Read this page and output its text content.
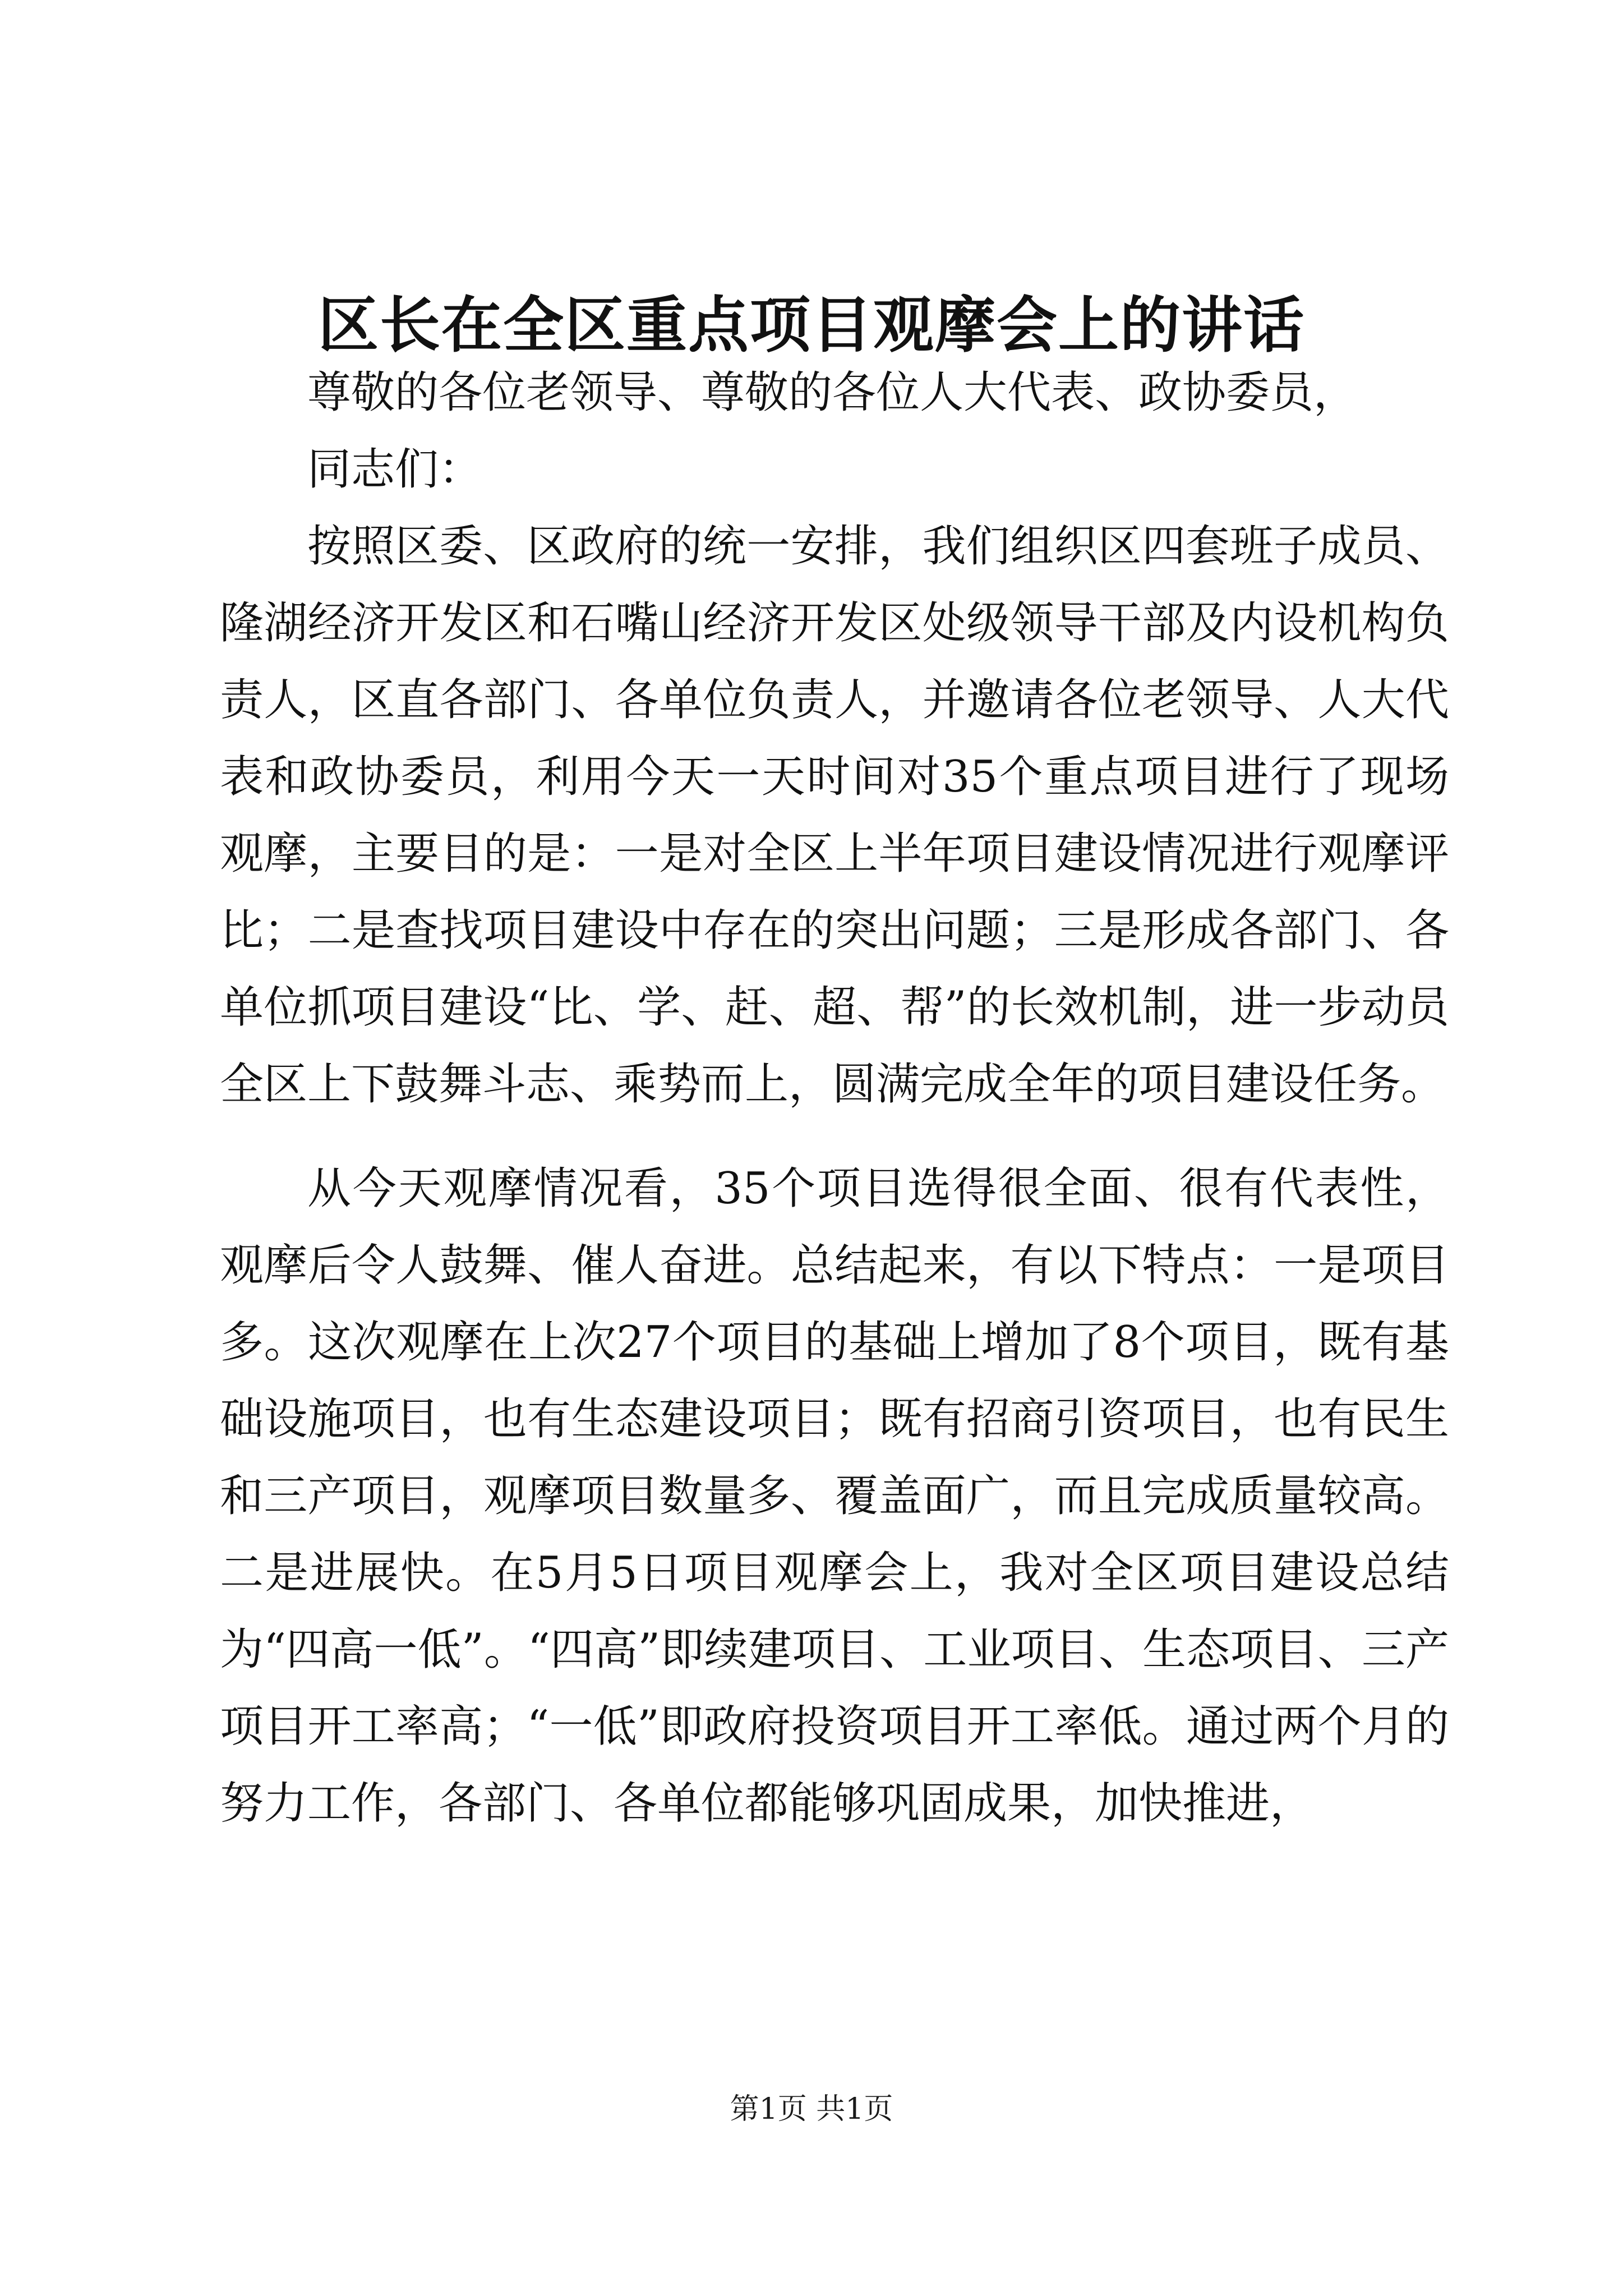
区长在全区重点项目观摩会上的讲话

尊敬的各位老领导、尊敬的各位人大代表、政协委员，

同志们：

按照区委、区政府的统一安排，我们组织区四套班子成员、隆湖经济开发区和石嘴山经济开发区处级领导干部及内设机构负责人，区直各部门、各单位负责人，并邀请各位老领导、人大代表和政协委员，利用今天一天时间对35个重点项目进行了现场观摩，主要目的是：一是对全区上半年项目建设情况进行观摩评比；二是查找项目建设中存在的突出问题；三是形成各部门、各单位抓项目建设“比、学、赶、超、帮”的长效机制，进一步动员全区上下鼓舞斗志、乘势而上，圆满完成全年的项目建设任务。

从今天观摩情况看，35个项目选得很全面、很有代表性，观摩后令人鼓舞、催人奋进。总结起来，有以下特点：一是项目多。这次观摩在上次27个项目的基础上增加了8个项目，既有基础设施项目，也有生态建设项目；既有招商引资项目，也有民生和三产项目，观摩项目数量多、覆盖面广，而且完成质量较高。二是进展快。在5月5日项目观摩会上，我对全区项目建设总结为“四高一低”。“四高”即续建项目、工业项目、生态项目、三产项目开工率高；“一低”即政府投资项目开工率低。通过两个月的努力工作，各部门、各单位都能够巩固成果，加快推进，

第1页 共1页
